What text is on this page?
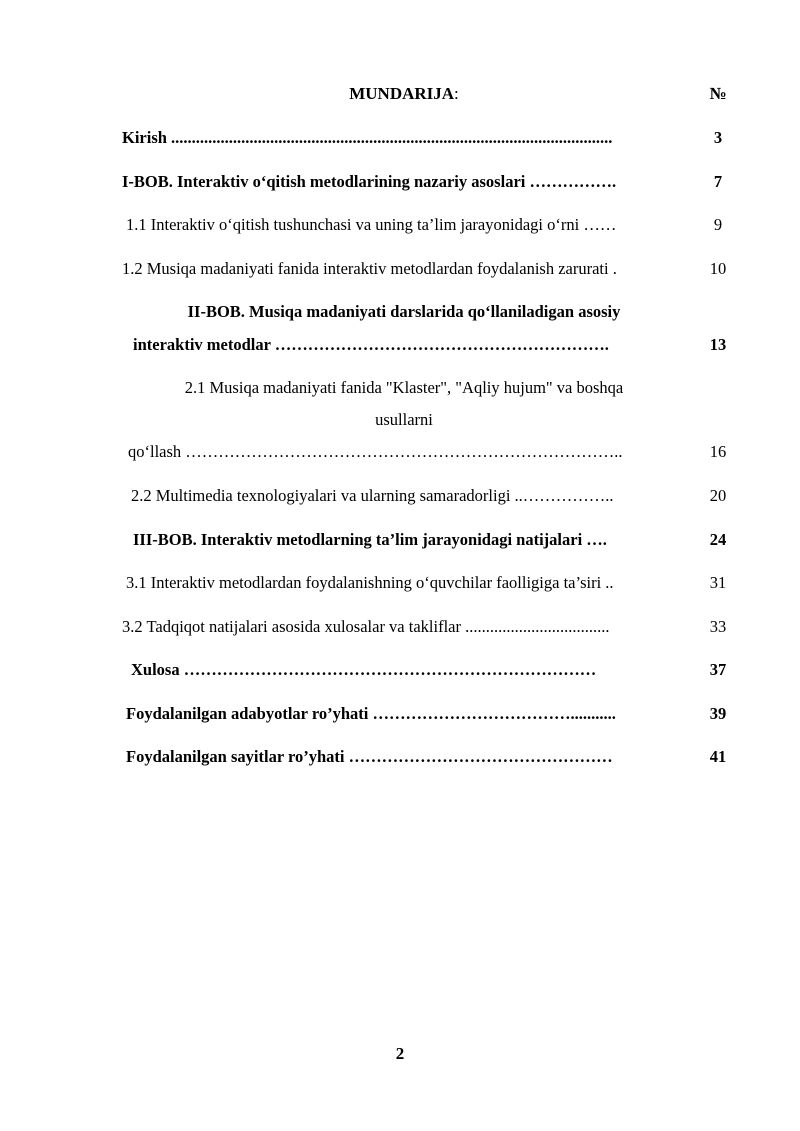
MUNDARIJA:	№
Kirish ...........................................................................................................	3
I-BOB. Interaktiv o‘qitish metodlarining nazariy asoslari …………….	7
1.1 Interaktiv o‘qitish tushunchasi va uning ta’lim jarayonidagi o‘rni ……	9
1.2 Musiqa madaniyati fanida interaktiv metodlardan foydalanish zarurati .	10
II-BOB. Musiqa madaniyati darslarida qo‘llaniladigan asosiy
interaktiv metodlar …………………………………………………….	13
2.1 Musiqa madaniyati fanida "Klaster", "Aqliy hujum" va boshqa
usullarni
qo‘llash ……………………………………………………………………..	16
2.2 Multimedia texnologiyalari va ularning samaradorligi ..……………..	20
III-BOB. Interaktiv metodlarning ta’lim jarayonidagi natijalari ….	24
3.1 Interaktiv metodlardan foydalanishning o‘quvchilar faolligiga ta’siri ..	31
3.2 Tadqiqot natijalari asosida xulosalar va takliflar ...................................	33
Xulosa …………………………………………………………………	37
Foydalanilgan adabyotlar ro’yhati ………………………………...........	39
Foydalanilgan sayitlar ro’yhati …………………………………………	41
2
